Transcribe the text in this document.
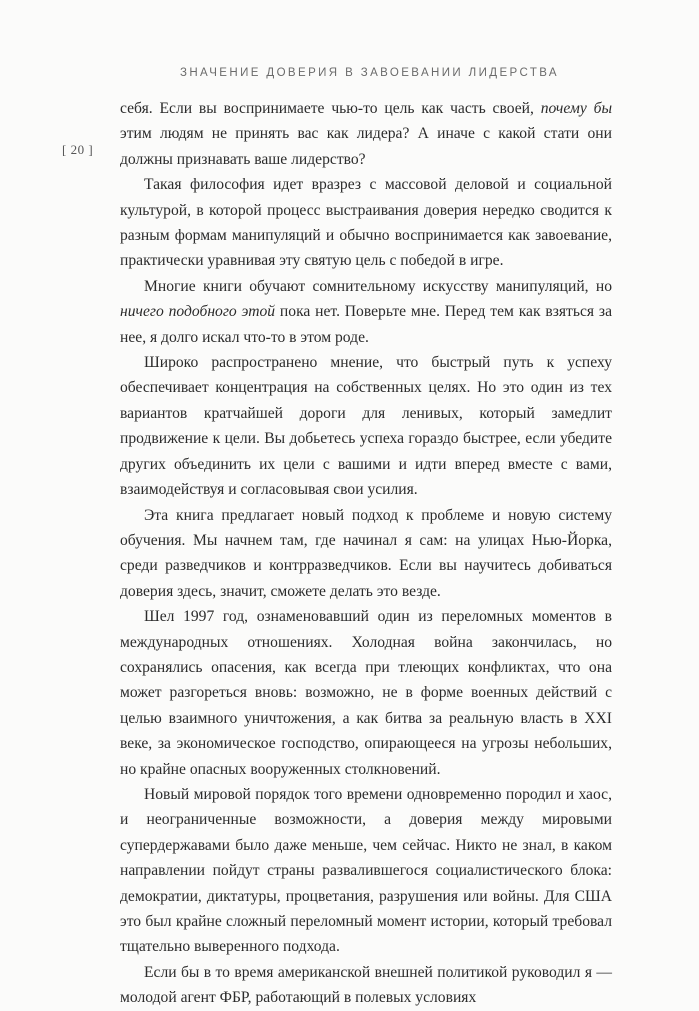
ЗНАЧЕНИЕ ДОВЕРИЯ В ЗАВОЕВАНИИ ЛИДЕРСТВА
[ 20 ]

себя. Если вы воспринимаете чью-то цель как часть своей, почему бы этим людям не принять вас как лидера? А иначе с какой стати они должны признавать ваше лидерство?

Такая философия идет вразрез с массовой деловой и социальной культурой, в которой процесс выстраивания доверия нередко сводится к разным формам манипуляций и обычно воспринимается как завоевание, практически уравнивая эту святую цель с победой в игре.

Многие книги обучают сомнительному искусству манипуляций, но ничего подобного этой пока нет. Поверьте мне. Перед тем как взяться за нее, я долго искал что-то в этом роде.

Широко распространено мнение, что быстрый путь к успеху обеспечивает концентрация на собственных целях. Но это один из тех вариантов кратчайшей дороги для ленивых, который замедлит продвижение к цели. Вы добьетесь успеха гораздо быстрее, если убедите других объединить их цели с вашими и идти вперед вместе с вами, взаимодействуя и согласовывая свои усилия.

Эта книга предлагает новый подход к проблеме и новую систему обучения. Мы начнем там, где начинал я сам: на улицах Нью-Йорка, среди разведчиков и контрразведчиков. Если вы научитесь добиваться доверия здесь, значит, сможете делать это везде.

Шел 1997 год, ознаменовавший один из переломных моментов в международных отношениях. Холодная война закончилась, но сохранялись опасения, как всегда при тлеющих конфликтах, что она может разгореться вновь: возможно, не в форме военных действий с целью взаимного уничтожения, а как битва за реальную власть в XXI веке, за экономическое господство, опирающееся на угрозы небольших, но крайне опасных вооруженных столкновений.

Новый мировой порядок того времени одновременно породил и хаос, и неограниченные возможности, а доверия между мировыми супердержавами было даже меньше, чем сейчас. Никто не знал, в каком направлении пойдут страны развалившегося социалистического блока: демократии, диктатуры, процветания, разрушения или войны. Для США это был крайне сложный переломный момент истории, который требовал тщательно выверенного подхода.

Если бы в то время американской внешней политикой руководил я — молодой агент ФБР, работающий в полевых условиях
